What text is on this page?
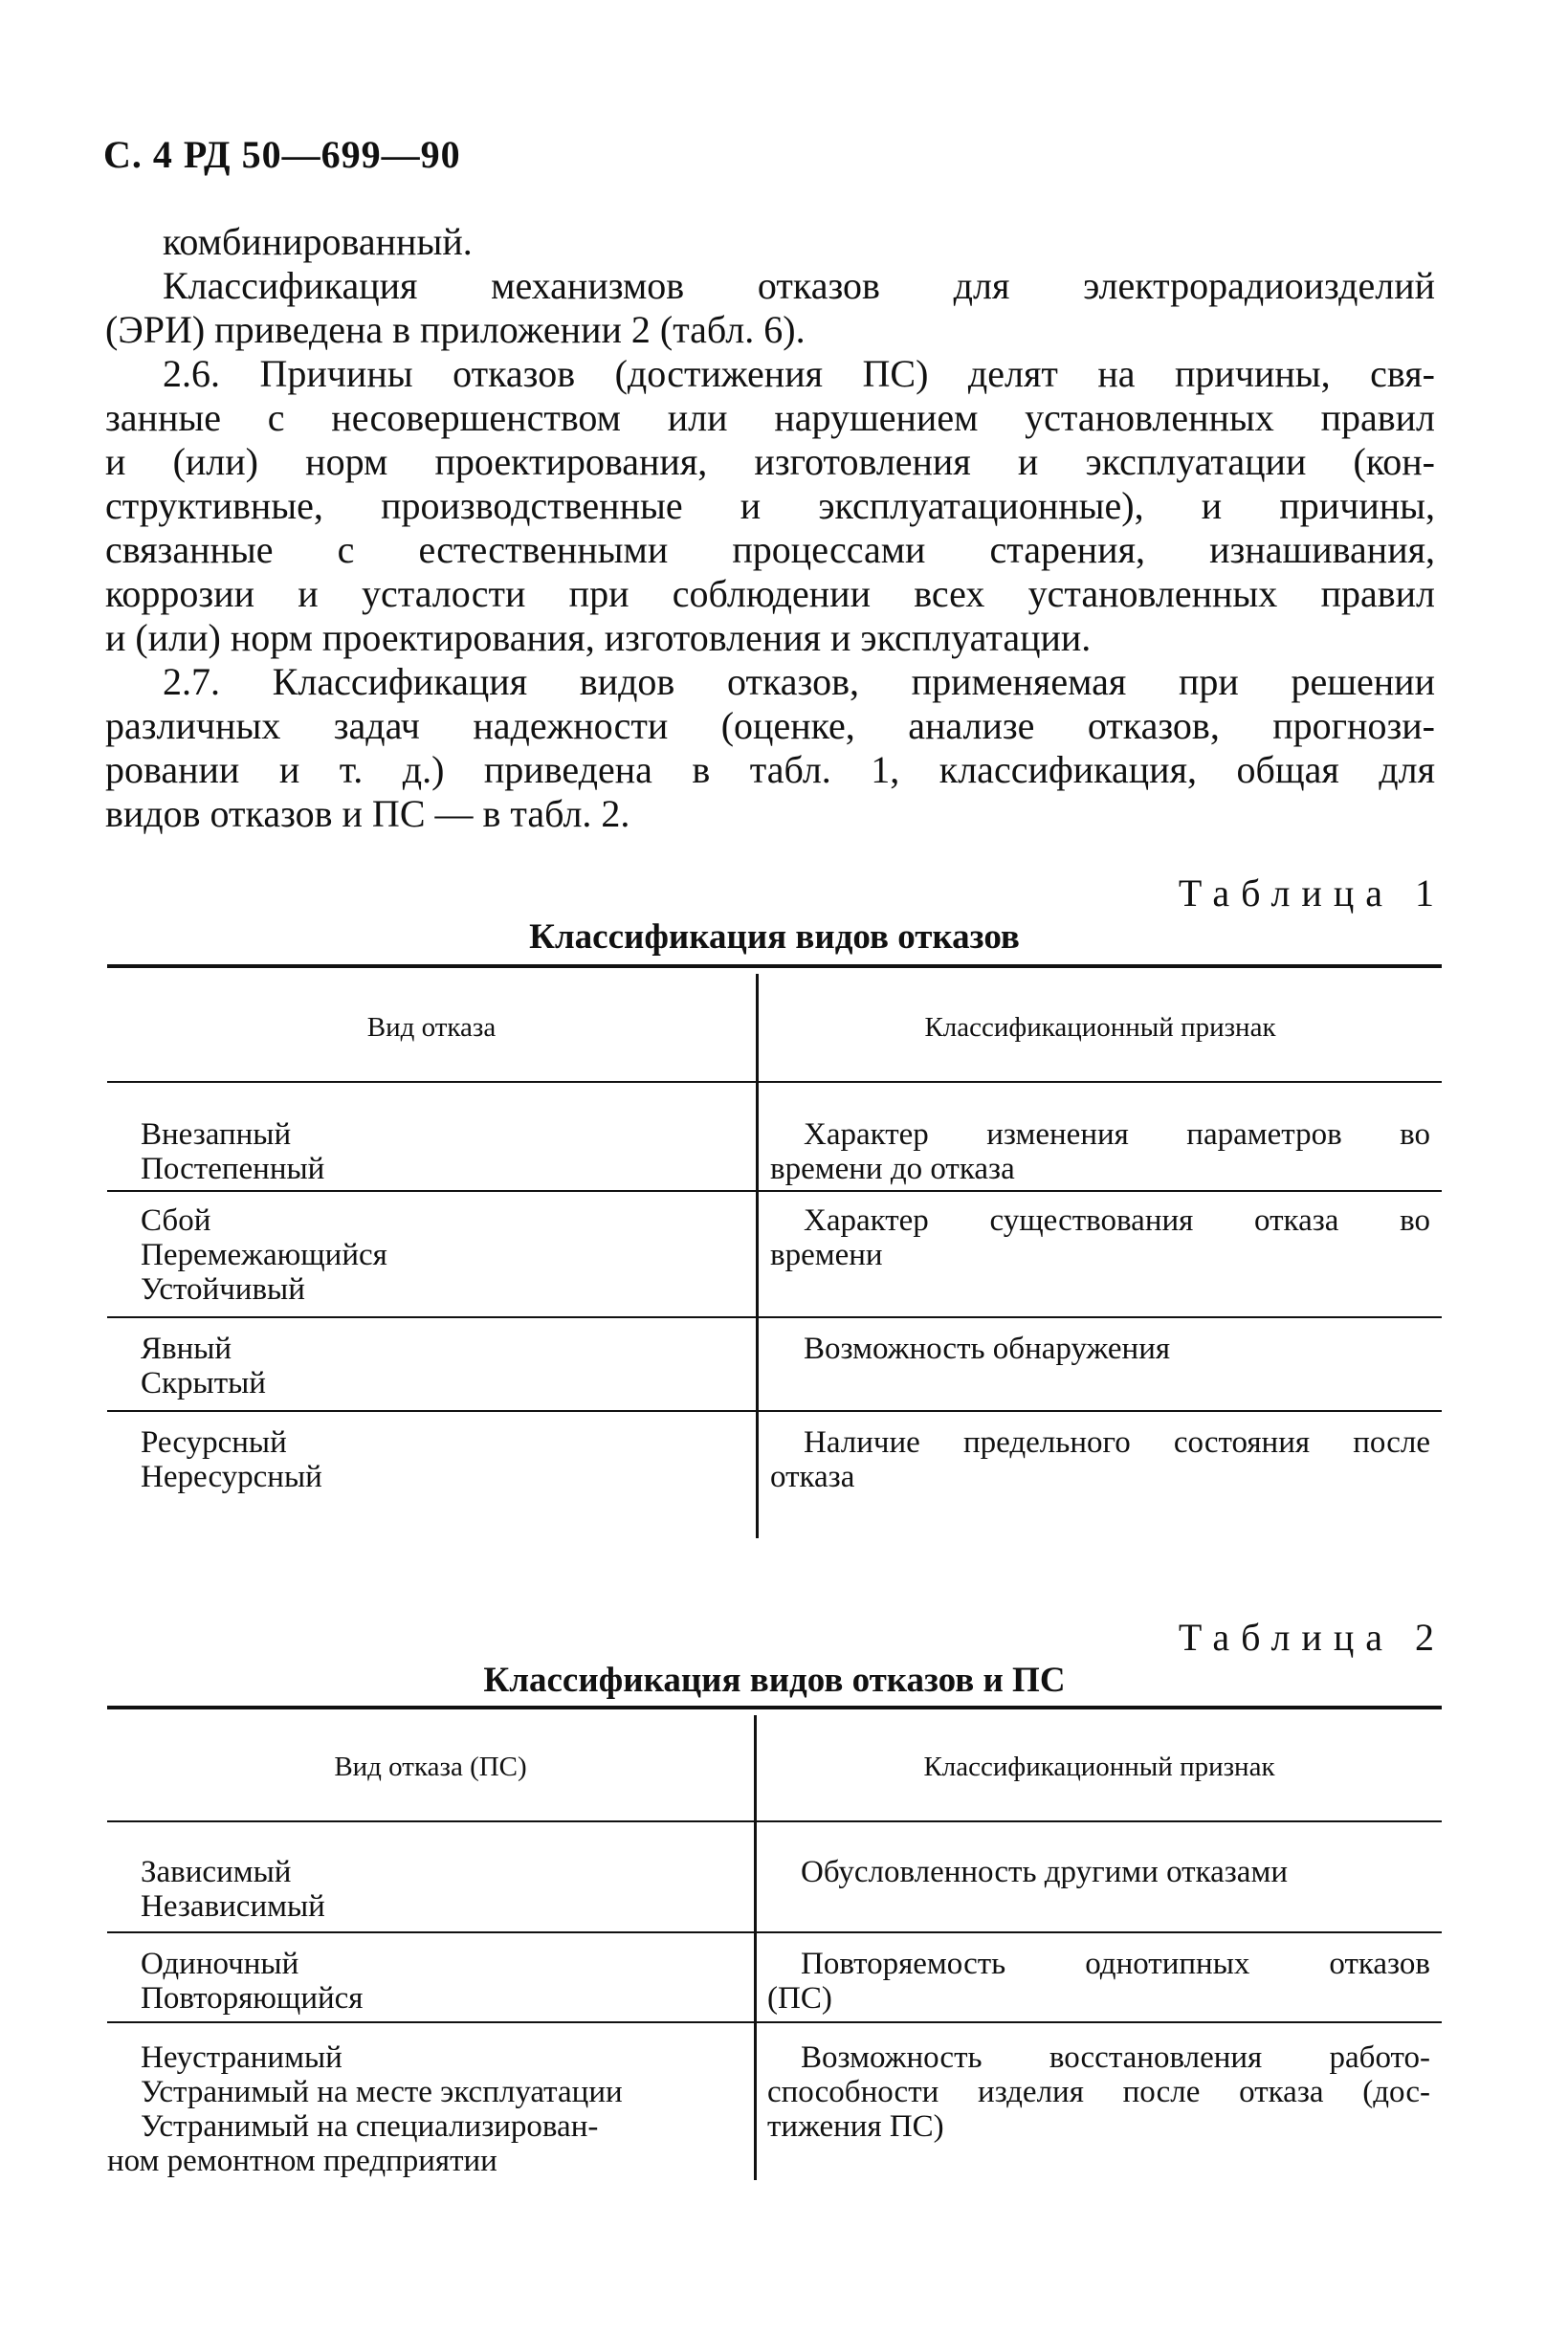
С. 4 РД 50—699—90
комбинированный.
Классификация механизмов отказов для электрорадиоизделий
(ЭРИ) приведена в приложении 2 (табл. 6).
2.6. Причины отказов (достижения ПС) делят на причины, свя-
занные с несовершенством или нарушением установленных правил
и (или) норм проектирования, изготовления и эксплуатации (кон-
структивные, производственные и эксплуатационные), и причины,
связанные с естественными процессами старения, изнашивания,
коррозии и усталости при соблюдении всех установленных правил
и (или) норм проектирования, изготовления и эксплуатации.
2.7. Классификация видов отказов, применяемая при решении
различных задач надежности (оценке, анализе отказов, прогнози-
ровании и т. д.) приведена в табл. 1, классификация, общая для
видов отказов и ПС — в табл. 2.
Таблица 1
Классификация видов отказов
Вид отказа	Классификационный признак
Внезапный
Постепенный
Характер изменения параметров во
времени до отказа
Сбой
Перемежающийся
Устойчивый
Характер существования отказа во
времени
Явный
Скрытый
Возможность обнаружения
Ресурсный
Нересурсный
Наличие предельного состояния после
отказа
Таблица 2
Классификация видов отказов и ПС
Вид отказа (ПС)	Классификационный признак
Зависимый
Независимый
Обусловленность другими отказами
Одиночный
Повторяющийся
Повторяемость однотипных отказов
(ПС)
Неустранимый
Устранимый на месте эксплуатации
Устранимый на специализирован-
ном ремонтном предприятии
Возможность восстановления работо-
способности изделия после отказа (дос-
тижения ПС)
